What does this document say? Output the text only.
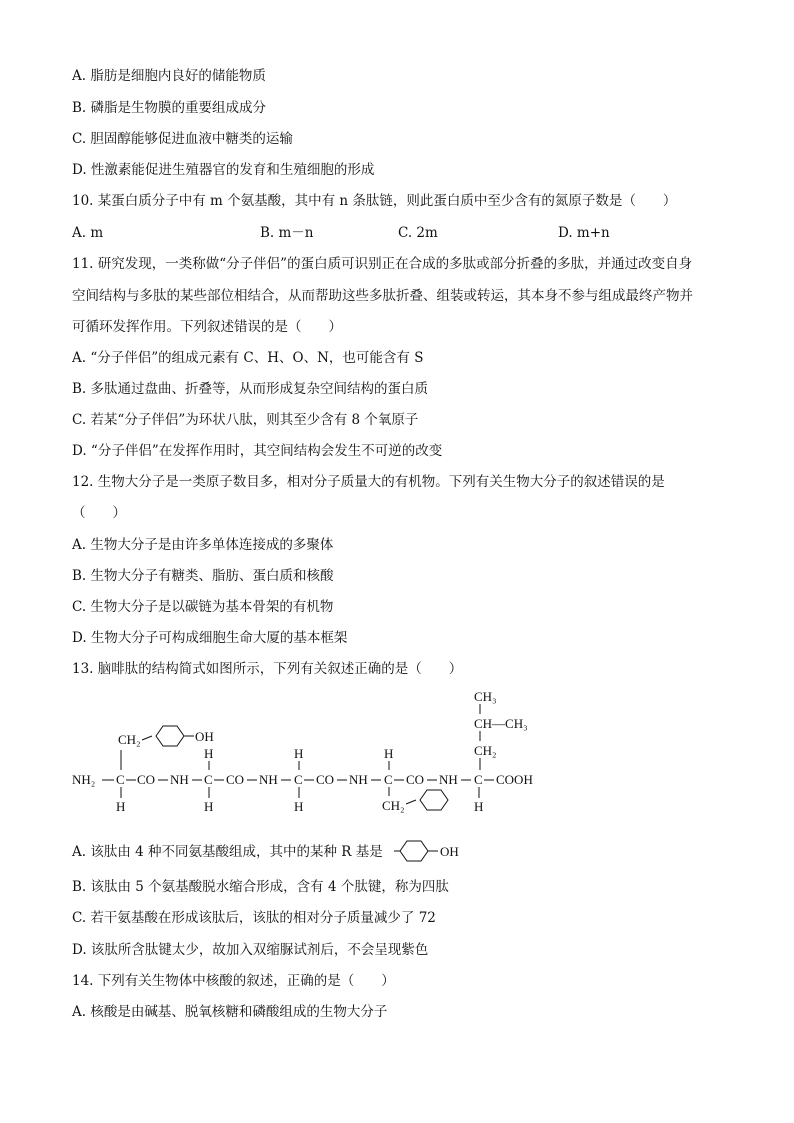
A. 脂肪是细胞内良好的储能物质
B. 磷脂是生物膜的重要组成成分
C. 胆固醇能够促进血液中糖类的运输
D. 性激素能促进生殖器官的发育和生殖细胞的形成
10. 某蛋白质分子中有 m 个氨基酸，其中有 n 条肽链，则此蛋白质中至少含有的氮原子数是（　　）
A. m	B. m－n	C. 2m	D. m+n
11. 研究发现，一类称做“分子伴侣”的蛋白质可识别正在合成的多肽或部分折叠的多肽，并通过改变自身
空间结构与多肽的某些部位相结合，从而帮助这些多肽折叠、组装或转运，其本身不参与组成最终产物并
可循环发挥作用。下列叙述错误的是（　　）
A. “分子伴侣”的组成元素有 C、H、O、N，也可能含有 S
B. 多肽通过盘曲、折叠等，从而形成复杂空间结构的蛋白质
C. 若某“分子伴侣”为环状八肽，则其至少含有 8 个氧原子
D. “分子伴侣”在发挥作用时，其空间结构会发生不可逆的改变
12. 生物大分子是一类原子数目多，相对分子质量大的有机物。下列有关生物大分子的叙述错误的是
（　　）
A. 生物大分子是由许多单体连接成的多聚体
B. 生物大分子有糖类、脂肪、蛋白质和核酸
C. 生物大分子是以碳链为基本骨架的有机物
D. 生物大分子可构成细胞生命大厦的基本框架
13. 脑啡肽的结构简式如图所示，下列有关叙述正确的是（　　）
CH₂	OH
NH₂ C CO NH C CO NH C CO NH C CO NH C COOH
H
H
H
H
H
H
CH₂
CH₃
CH—CH₃
CH₂
H
A. 该肽由 4 种不同氨基酸组成，其中的某种 R 基是	OH
B. 该肽由 5 个氨基酸脱水缩合形成，含有 4 个肽键，称为四肽
C. 若干氨基酸在形成该肽后，该肽的相对分子质量减少了 72
D. 该肽所含肽键太少，故加入双缩脲试剂后，不会呈现紫色
14. 下列有关生物体中核酸的叙述，正确的是（　　）
A. 核酸是由碱基、脱氧核糖和磷酸组成的生物大分子
